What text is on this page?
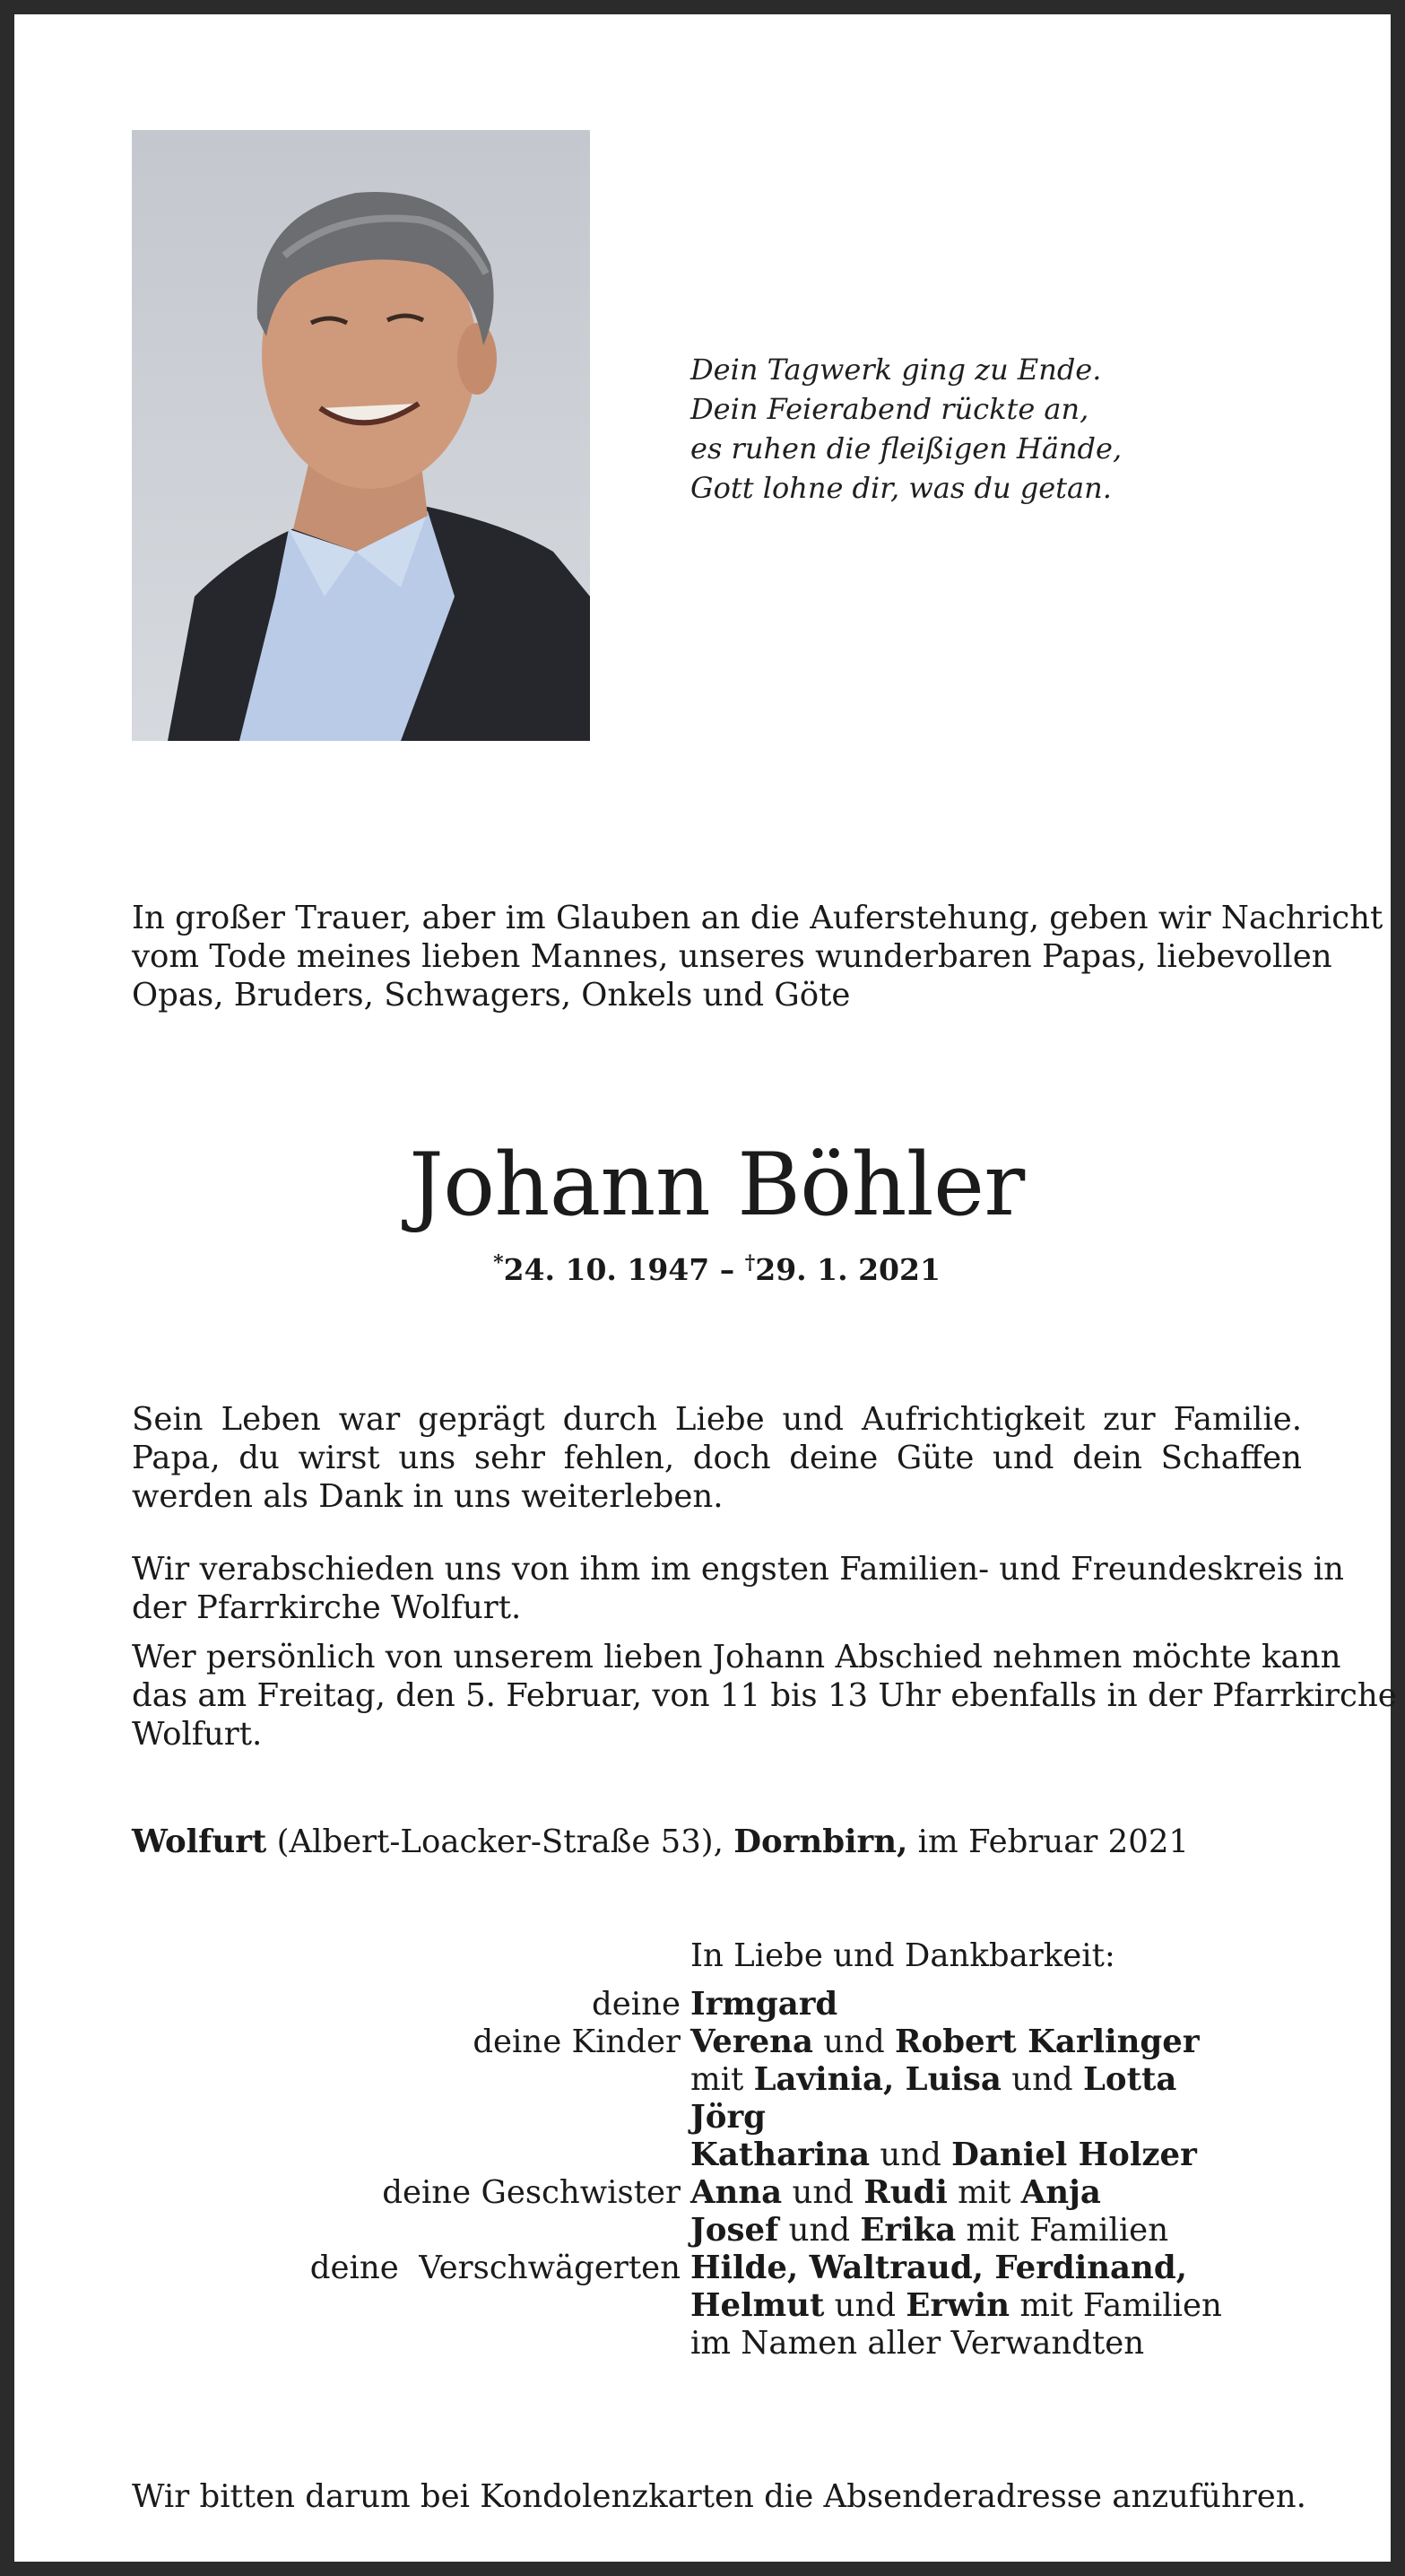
Dein Tagwerk ging zu Ende.
Dein Feierabend rückte an,
es ruhen die fleißigen Hände,
Gott lohne dir, was du getan.
In großer Trauer, aber im Glauben an die Auferstehung, geben wir Nachricht
vom Tode meines lieben Mannes, unseres wunderbaren Papas, liebevollen
Opas, Bruders, Schwagers, Onkels und Göte
Johann Böhler
*24. 10. 1947 – †29. 1. 2021
Sein Leben war geprägt durch Liebe und Aufrichtigkeit zur Familie.
Papa, du wirst uns sehr fehlen, doch deine Güte und dein Schaffen
werden als Dank in uns weiterleben.
Wir verabschieden uns von ihm im engsten Familien- und Freundeskreis in
der Pfarrkirche Wolfurt.
Wer persönlich von unserem lieben Johann Abschied nehmen möchte kann
das am Freitag, den 5. Februar, von 11 bis 13 Uhr ebenfalls in der Pfarrkirche
Wolfurt.
Wolfurt (Albert-Loacker-Straße 53), Dornbirn, im Februar 2021
In Liebe und Dankbarkeit:
deine Irmgard
deine Kinder Verena und Robert Karlinger
mit Lavinia, Luisa und Lotta
Jörg
Katharina und Daniel Holzer
deine Geschwister Anna und Rudi mit Anja
Josef und Erika mit Familien
deine  Verschwägerten Hilde, Waltraud, Ferdinand,
Helmut und Erwin mit Familien
im Namen aller Verwandten
Wir bitten darum bei Kondolenzkarten die Absenderadresse anzuführen.
